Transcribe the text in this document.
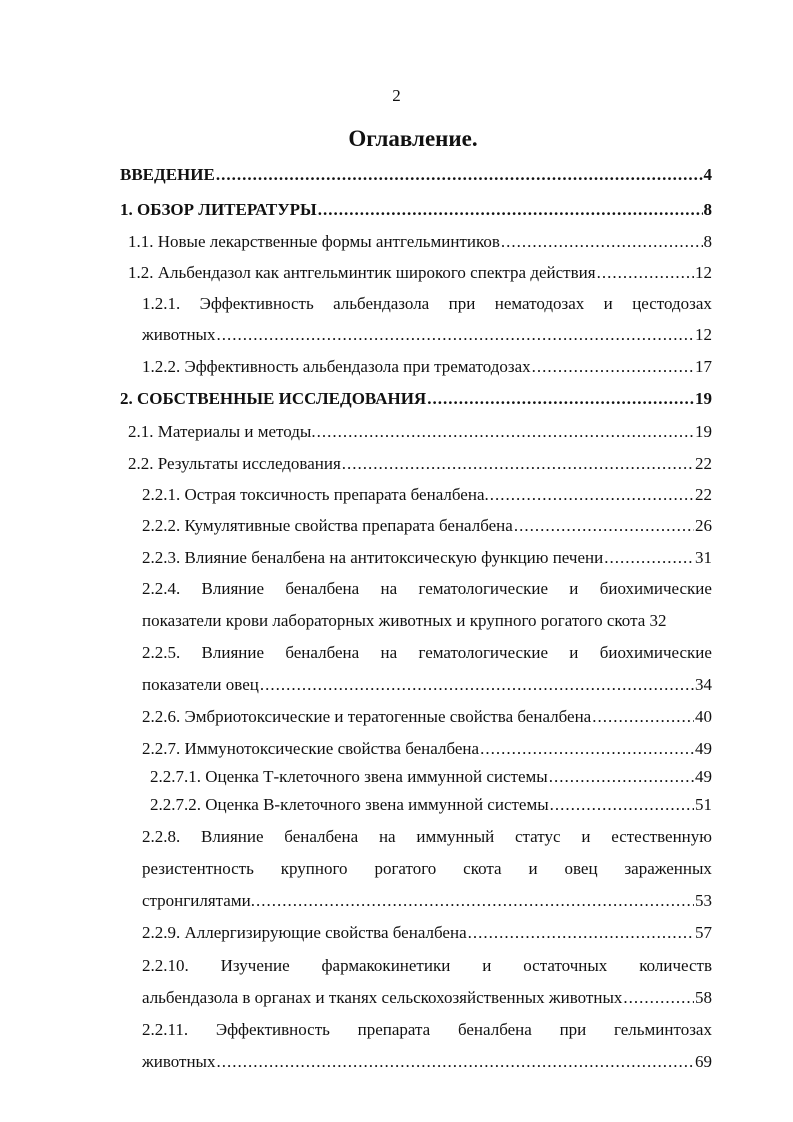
2
Оглавление.
ВВЕДЕНИЕ .....	4
1. ОБЗОР ЛИТЕРАТУРЫ .....	8
1.1. Новые лекарственные формы антгельминтиков .....	8
1.2. Альбендазол как антгельминтик широкого спектра действия .....	12
1.2.1. Эффективность альбендазола при нематодозах и цестодозах
животных .....	12
1.2.2. Эффективность альбендазола при трематодозах .....	17
2. СОБСТВЕННЫЕ ИССЛЕДОВАНИЯ .....	19
2.1. Материалы и методы. .....	19
2.2. Результаты исследования .....	22
2.2.1. Острая токсичность препарата беналбена. .....	22
2.2.2. Кумулятивные свойства препарата беналбена .....	26
2.2.3. Влияние беналбена на антитоксическую функцию печени .....	31
2.2.4. Влияние беналбена на гематологические и биохимические
показатели крови лабораторных животных и крупного рогатого скота 32
2.2.5. Влияние беналбена на гематологические и биохимические
показатели овец .....	34
2.2.6. Эмбриотоксические и тератогенные свойства беналбена .....	40
2.2.7. Иммунотоксические свойства беналбена .....	49
2.2.7.1. Оценка Т-клеточного звена иммунной системы .....	49
2.2.7.2. Оценка В-клеточного звена иммунной системы .....	51
2.2.8. Влияние беналбена на иммунный статус и естественную
резистентность крупного рогатого скота и овец зараженных
стронгилятами. .....	53
2.2.9. Аллергизирующие свойства беналбена .....	57
2.2.10. Изучение фармакокинетики и остаточных количеств
альбендазола в органах и тканях сельскохозяйственных животных .....	58
2.2.11. Эффективность препарата беналбена при гельминтозах
животных .....	69
